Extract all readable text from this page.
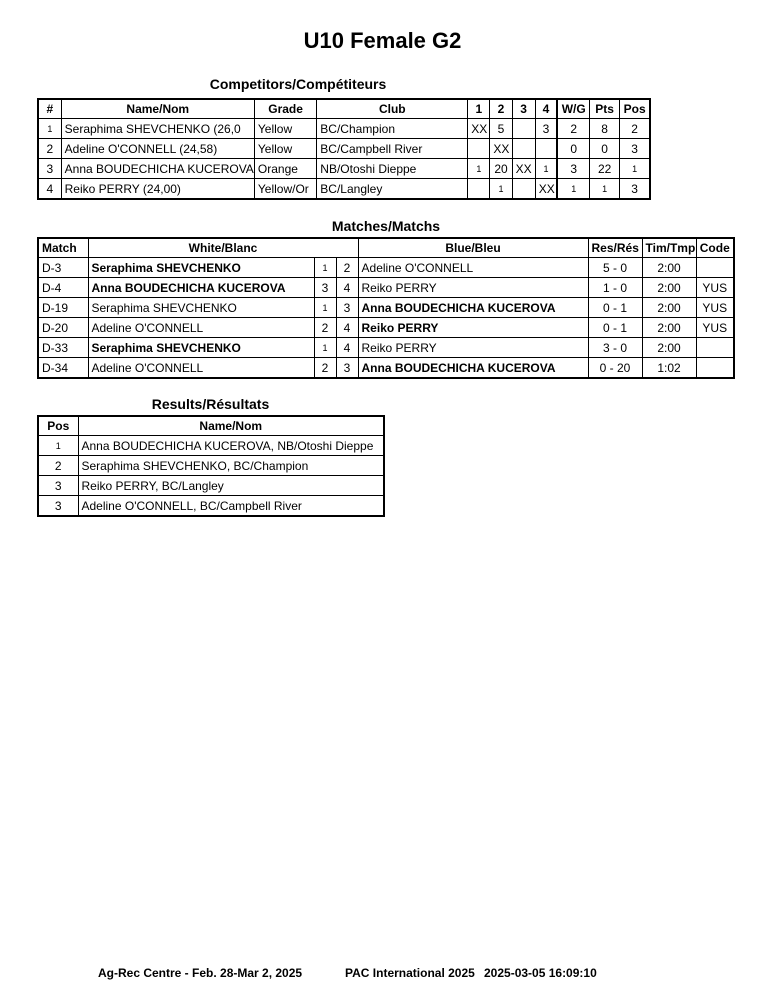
U10 Female G2
Competitors/Compétiteurs
#	Name/Nom	Grade	Club	1	2	3	4	W/G	Pts	Pos
1	Seraphima SHEVCHENKO (26,0	Yellow	BC/Champion	XX	5		3	2	8	2
2	Adeline O'CONNELL (24,58)	Yellow	BC/Campbell River		XX			0	0	3
3	Anna BOUDECHICHA KUCEROVA	Orange	NB/Otoshi Dieppe	1	20	XX	1	3	22	1
4	Reiko PERRY (24,00)	Yellow/Or	BC/Langley		1		XX	1	1	3
Matches/Matchs
Match	White/Blanc			Blue/Bleu	Res/Rés	Tim/Tmp	Code
D-3	Seraphima SHEVCHENKO	1	2	Adeline O'CONNELL	5 - 0	2:00	
D-4	Anna BOUDECHICHA KUCEROVA	3	4	Reiko PERRY	1 - 0	2:00	YUS
D-19	Seraphima SHEVCHENKO	1	3	Anna BOUDECHICHA KUCEROVA	0 - 1	2:00	YUS
D-20	Adeline O'CONNELL	2	4	Reiko PERRY	0 - 1	2:00	YUS
D-33	Seraphima SHEVCHENKO	1	4	Reiko PERRY	3 - 0	2:00	
D-34	Adeline O'CONNELL	2	3	Anna BOUDECHICHA KUCEROVA	0 - 20	1:02	
Results/Résultats
Pos	Name/Nom
1	Anna BOUDECHICHA KUCEROVA, NB/Otoshi Dieppe
2	Seraphima SHEVCHENKO, BC/Champion
3	Reiko PERRY, BC/Langley
3	Adeline O'CONNELL, BC/Campbell River
Ag-Rec Centre - Feb. 28-Mar 2, 2025	PAC International 2025 2025-03-05 16:09:10
